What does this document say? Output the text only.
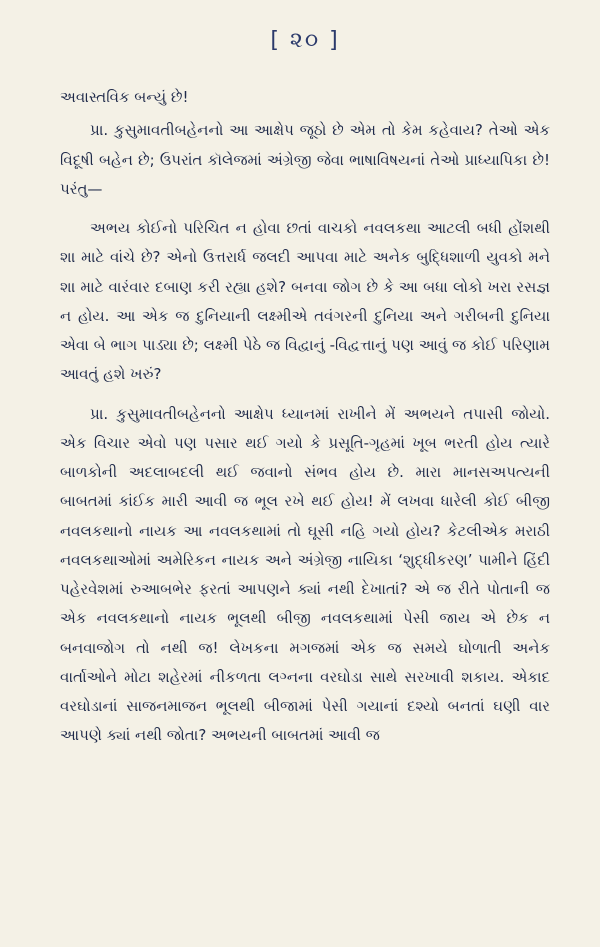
[ ૨૦ ]

અવાસ્તવિક બન્યું છે!

પ્રા. કુસુમાવતીબહેનનો આ આક્ષેપ જૂઠો છે એમ તો કેમ કહેવાય? તેઓ એક વિદૂષી બહેન છે; ઉપરાંત કૉલેજમાં અંગ્રેજી જેવા ભાષાવિષયનાં તેઓ પ્રાધ્યાપિકા છે! પરંતુ—

અભય કોઈનો પરિચિત ન હોવા છતાં વાચકો નવલકથા આટલી બધી હોંશથી શા માટે વાંચે છે? એનો ઉત્તરાર્ધ જલદી આપવા માટે અનેક બુદ્ધિશાળી યુવકો મને શા માટે વારંવાર દબાણ કરી રહ્યા હશે? બનવા જોગ છે કે આ બધા લોકો ખરા રસજ્ઞ ન હોય. આ એક જ દુનિયાની લક્ષ્મીએ તવંગરની દુનિયા અને ગરીબની દુનિયા એવા બે ભાગ પાડ્યા છે; લક્ષ્મી પેઠે જ વિદ્વાનું -વિદ્વત્તાનું પણ આવું જ કોઈ પરિણામ આવતું હશે ખરું?

પ્રા. કુસુમાવતીબહેનનો આક્ષેપ ધ્યાનમાં રાખીને મેં અભયને તપાસી જોયો. એક વિચાર એવો પણ પસાર થઈ ગયો કે પ્રસૂતિ-ગૃહમાં ખૂબ ભરતી હોય ત્યારે બાળકોની અદલાબદલી થઈ જવાનો સંભવ હોય છે. મારા માનસઅપત્યની બાબતમાં કાંઈક મારી આવી જ ભૂલ રખે થઈ હોય! મેં લખવા ધારેલી કોઈ બીજી નવલકથાનો નાયક આ નવલકથામાં તો ઘૂસી નહિ ગયો હોય? કેટલીએક મરાઠી નવલકથાઓમાં અમેરિકન નાયક અને અંગ્રેજી નાયિકા ‘શુદ્ધીકરણ’ પામીને હિંદી પહેરવેશમાં રુઆબભેર ફરતાં આપણને ક્યાં નથી દેખાતાં? એ જ રીતે પોતાની જ એક નવલકથાનો નાયક ભૂલથી બીજી નવલકથામાં પેસી જાય એ છેક ન બનવાજોગ તો નથી જ! લેખકના મગજમાં એક જ સમયે ઘોળાતી અનેક વાર્તાઓને મોટા શહેરમાં નીકળતા લગ્નના વરઘોડા સાથે સરખાવી શકાય. એકાદ વરઘોડાનાં સાજનમાજન ભૂલથી બીજામાં પેસી ગયાનાં દશ્યો બનતાં ઘણી વાર આપણે ક્યાં નથી જોતા? અભયની બાબતમાં આવી જ
